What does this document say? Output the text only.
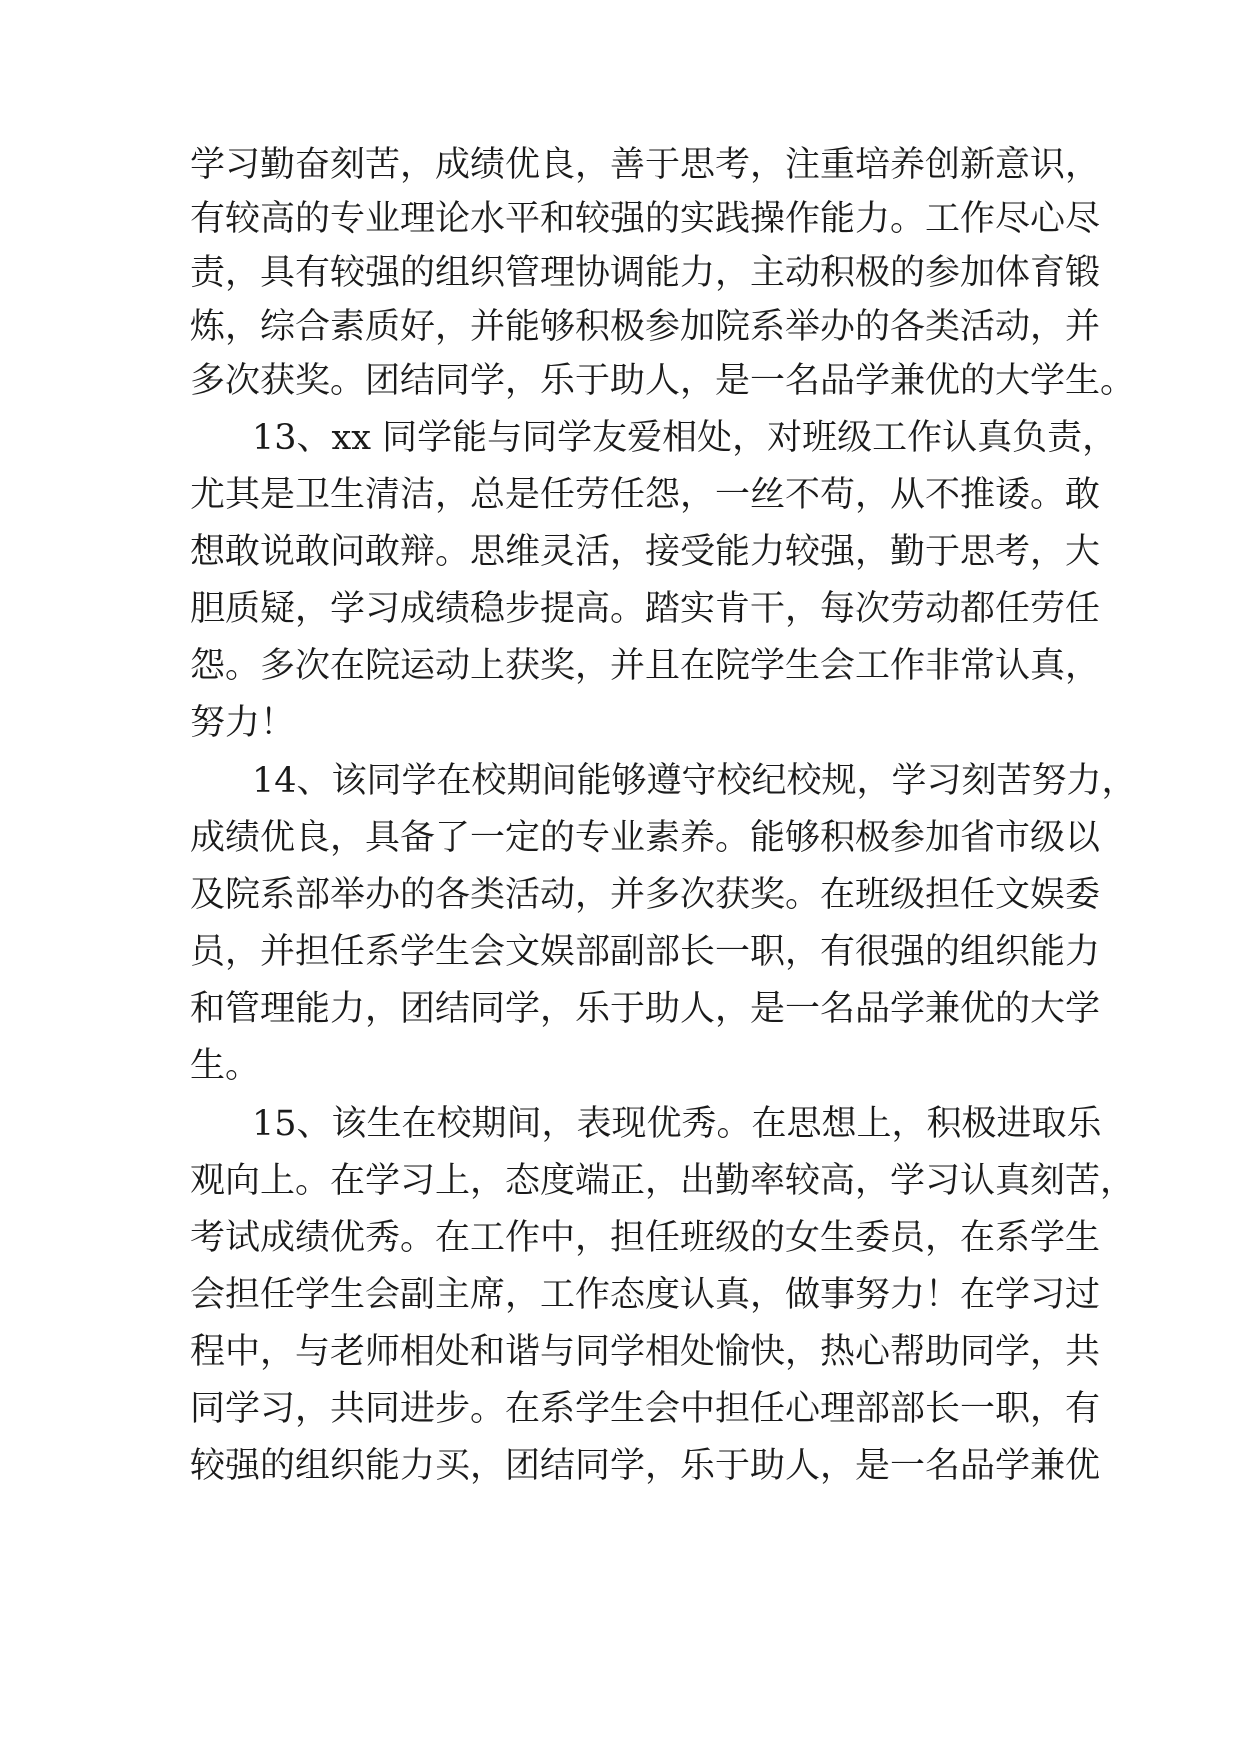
学习勤奋刻苦，成绩优良，善于思考，注重培养创新意识，
有较高的专业理论水平和较强的实践操作能力。工作尽心尽
责，具有较强的组织管理协调能力，主动积极的参加体育锻
炼，综合素质好，并能够积极参加院系举办的各类活动，并
多次获奖。团结同学，乐于助人，是一名品学兼优的大学生。
13、xx 同学能与同学友爱相处，对班级工作认真负责，
尤其是卫生清洁，总是任劳任怨，一丝不苟，从不推诿。敢
想敢说敢问敢辩。思维灵活，接受能力较强，勤于思考，大
胆质疑，学习成绩稳步提高。踏实肯干，每次劳动都任劳任
怨。多次在院运动上获奖，并且在院学生会工作非常认真，
努力！
14、该同学在校期间能够遵守校纪校规，学习刻苦努力，
成绩优良，具备了一定的专业素养。能够积极参加省市级以
及院系部举办的各类活动，并多次获奖。在班级担任文娱委
员，并担任系学生会文娱部副部长一职，有很强的组织能力
和管理能力，团结同学，乐于助人，是一名品学兼优的大学
生。
15、该生在校期间，表现优秀。在思想上，积极进取乐
观向上。在学习上，态度端正，出勤率较高，学习认真刻苦，
考试成绩优秀。在工作中，担任班级的女生委员，在系学生
会担任学生会副主席，工作态度认真，做事努力！在学习过
程中，与老师相处和谐与同学相处愉快，热心帮助同学，共
同学习，共同进步。在系学生会中担任心理部部长一职，有
较强的组织能力买，团结同学，乐于助人，是一名品学兼优
